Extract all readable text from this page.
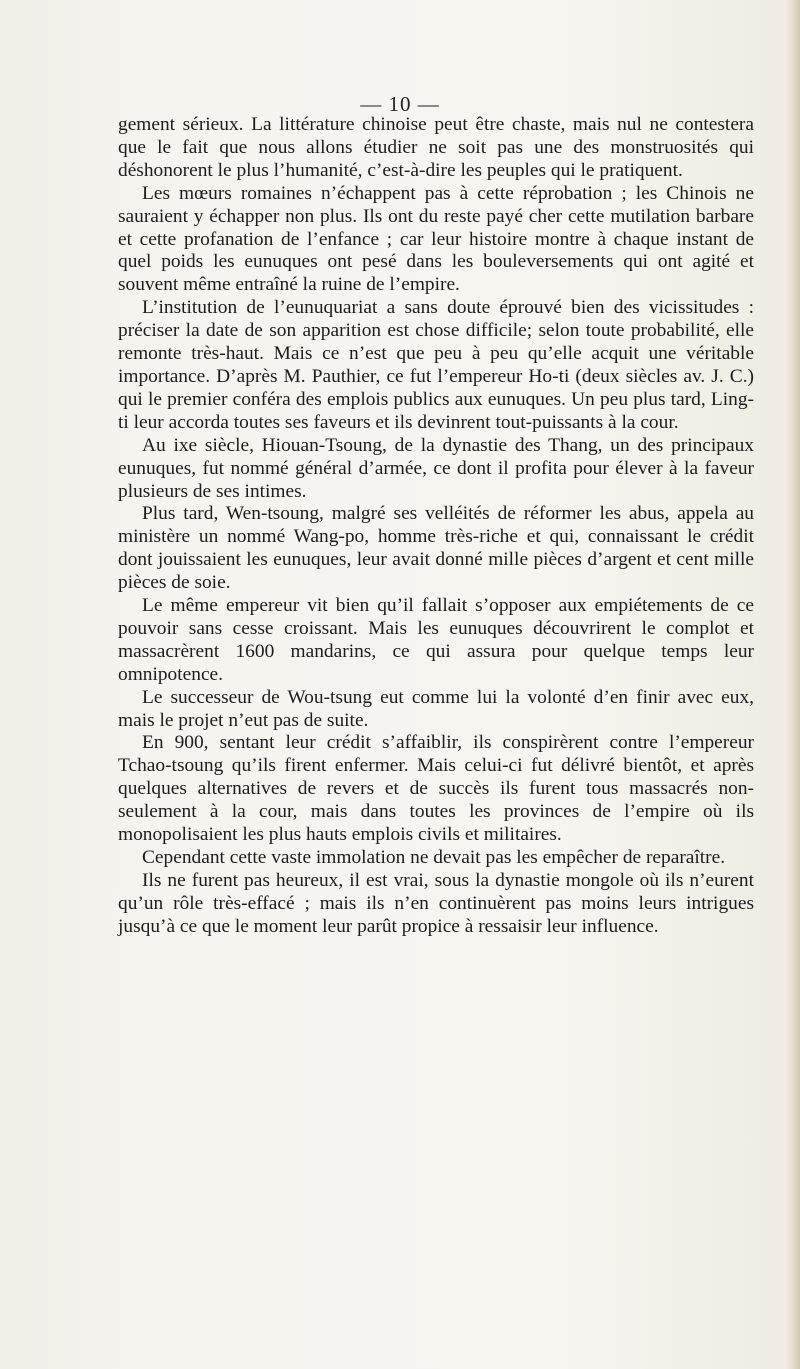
— 10 —

gement sérieux. La littérature chinoise peut être chaste, mais nul ne contestera que le fait que nous allons étudier ne soit pas une des monstruosités qui déshonorent le plus l’humanité, c’est-à-dire les peuples qui le pratiquent.

Les mœurs romaines n’échappent pas à cette réprobation ; les Chinois ne sauraient y échapper non plus. Ils ont du reste payé cher cette mutilation barbare et cette profanation de l’enfance ; car leur histoire montre à chaque instant de quel poids les eunuques ont pesé dans les bouleversements qui ont agité et souvent même entraîné la ruine de l’empire.

L’institution de l’eunuquariat a sans doute éprouvé bien des vicissitudes : préciser la date de son apparition est chose difficile; selon toute probabilité, elle remonte très-haut. Mais ce n’est que peu à peu qu’elle acquit une véritable importance. D’après M. Pauthier, ce fut l’empereur Ho-ti (deux siècles av. J. C.) qui le premier conféra des emplois publics aux eunuques. Un peu plus tard, Ling-ti leur accorda toutes ses faveurs et ils devinrent tout-puissants à la cour.

Au ixe siècle, Hiouan-Tsoung, de la dynastie des Thang, un des principaux eunuques, fut nommé général d’armée, ce dont il profita pour élever à la faveur plusieurs de ses intimes.

Plus tard, Wen-tsoung, malgré ses velléités de réformer les abus, appela au ministère un nommé Wang-po, homme très-riche et qui, connaissant le crédit dont jouissaient les eunuques, leur avait donné mille pièces d’argent et cent mille pièces de soie.

Le même empereur vit bien qu’il fallait s’opposer aux empiétements de ce pouvoir sans cesse croissant. Mais les eunuques découvrirent le complot et massacrèrent 1600 mandarins, ce qui assura pour quelque temps leur omnipotence.

Le successeur de Wou-tsung eut comme lui la volonté d’en finir avec eux, mais le projet n’eut pas de suite.

En 900, sentant leur crédit s’affaiblir, ils conspirèrent contre l’empereur Tchao-tsoung qu’ils firent enfermer. Mais celui-ci fut délivré bientôt, et après quelques alternatives de revers et de succès ils furent tous massacrés non-seulement à la cour, mais dans toutes les provinces de l’empire où ils monopolisaient les plus hauts emplois civils et militaires.

Cependant cette vaste immolation ne devait pas les empêcher de reparaître.

Ils ne furent pas heureux, il est vrai, sous la dynastie mongole où ils n’eurent qu’un rôle très-effacé ; mais ils n’en continuèrent pas moins leurs intrigues jusqu’à ce que le moment leur parût propice à ressaisir leur influence.
